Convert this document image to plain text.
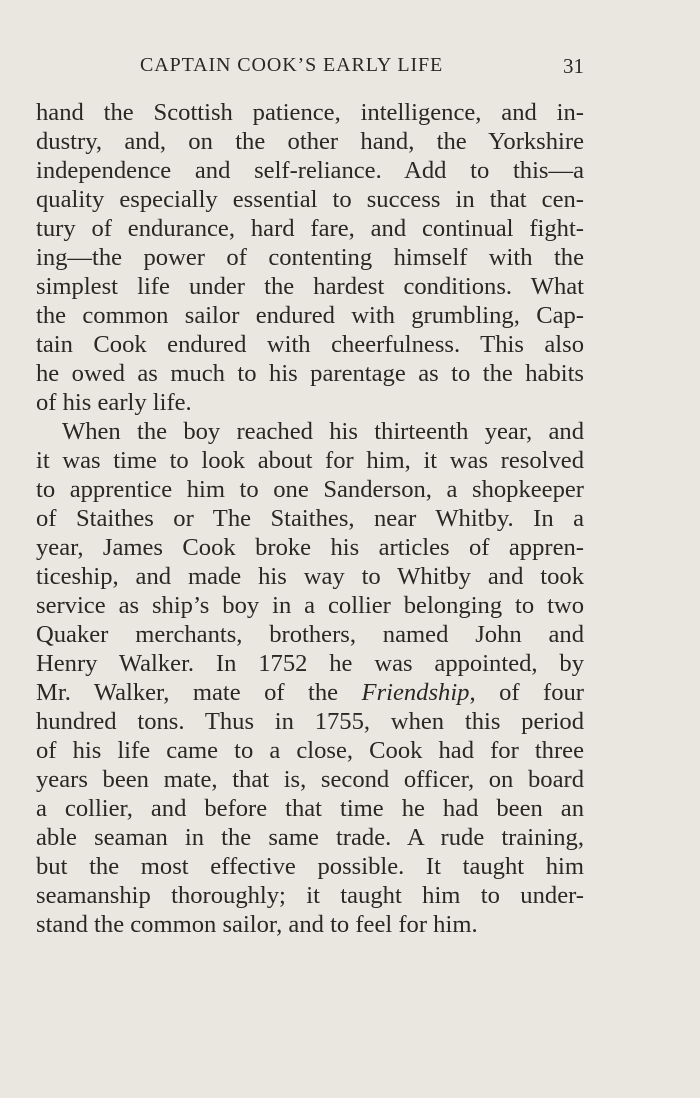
CAPTAIN COOK’S EARLY LIFE	31
hand the Scottish patience, intelligence, and in-
dustry, and, on the other hand, the Yorkshire
independence and self-reliance. Add to this—a
quality especially essential to success in that cen-
tury of endurance, hard fare, and continual fight-
ing—the power of contenting himself with the
simplest life under the hardest conditions. What
the common sailor endured with grumbling, Cap-
tain Cook endured with cheerfulness. This also
he owed as much to his parentage as to the habits
of his early life.
When the boy reached his thirteenth year, and
it was time to look about for him, it was resolved
to apprentice him to one Sanderson, a shopkeeper
of Staithes or The Staithes, near Whitby. In a
year, James Cook broke his articles of appren-
ticeship, and made his way to Whitby and took
service as ship’s boy in a collier belonging to two
Quaker merchants, brothers, named John and
Henry Walker. In 1752 he was appointed, by
Mr. Walker, mate of the Friendship, of four
hundred tons. Thus in 1755, when this period
of his life came to a close, Cook had for three
years been mate, that is, second officer, on board
a collier, and before that time he had been an
able seaman in the same trade. A rude training,
but the most effective possible. It taught him
seamanship thoroughly; it taught him to under-
stand the common sailor, and to feel for him.
